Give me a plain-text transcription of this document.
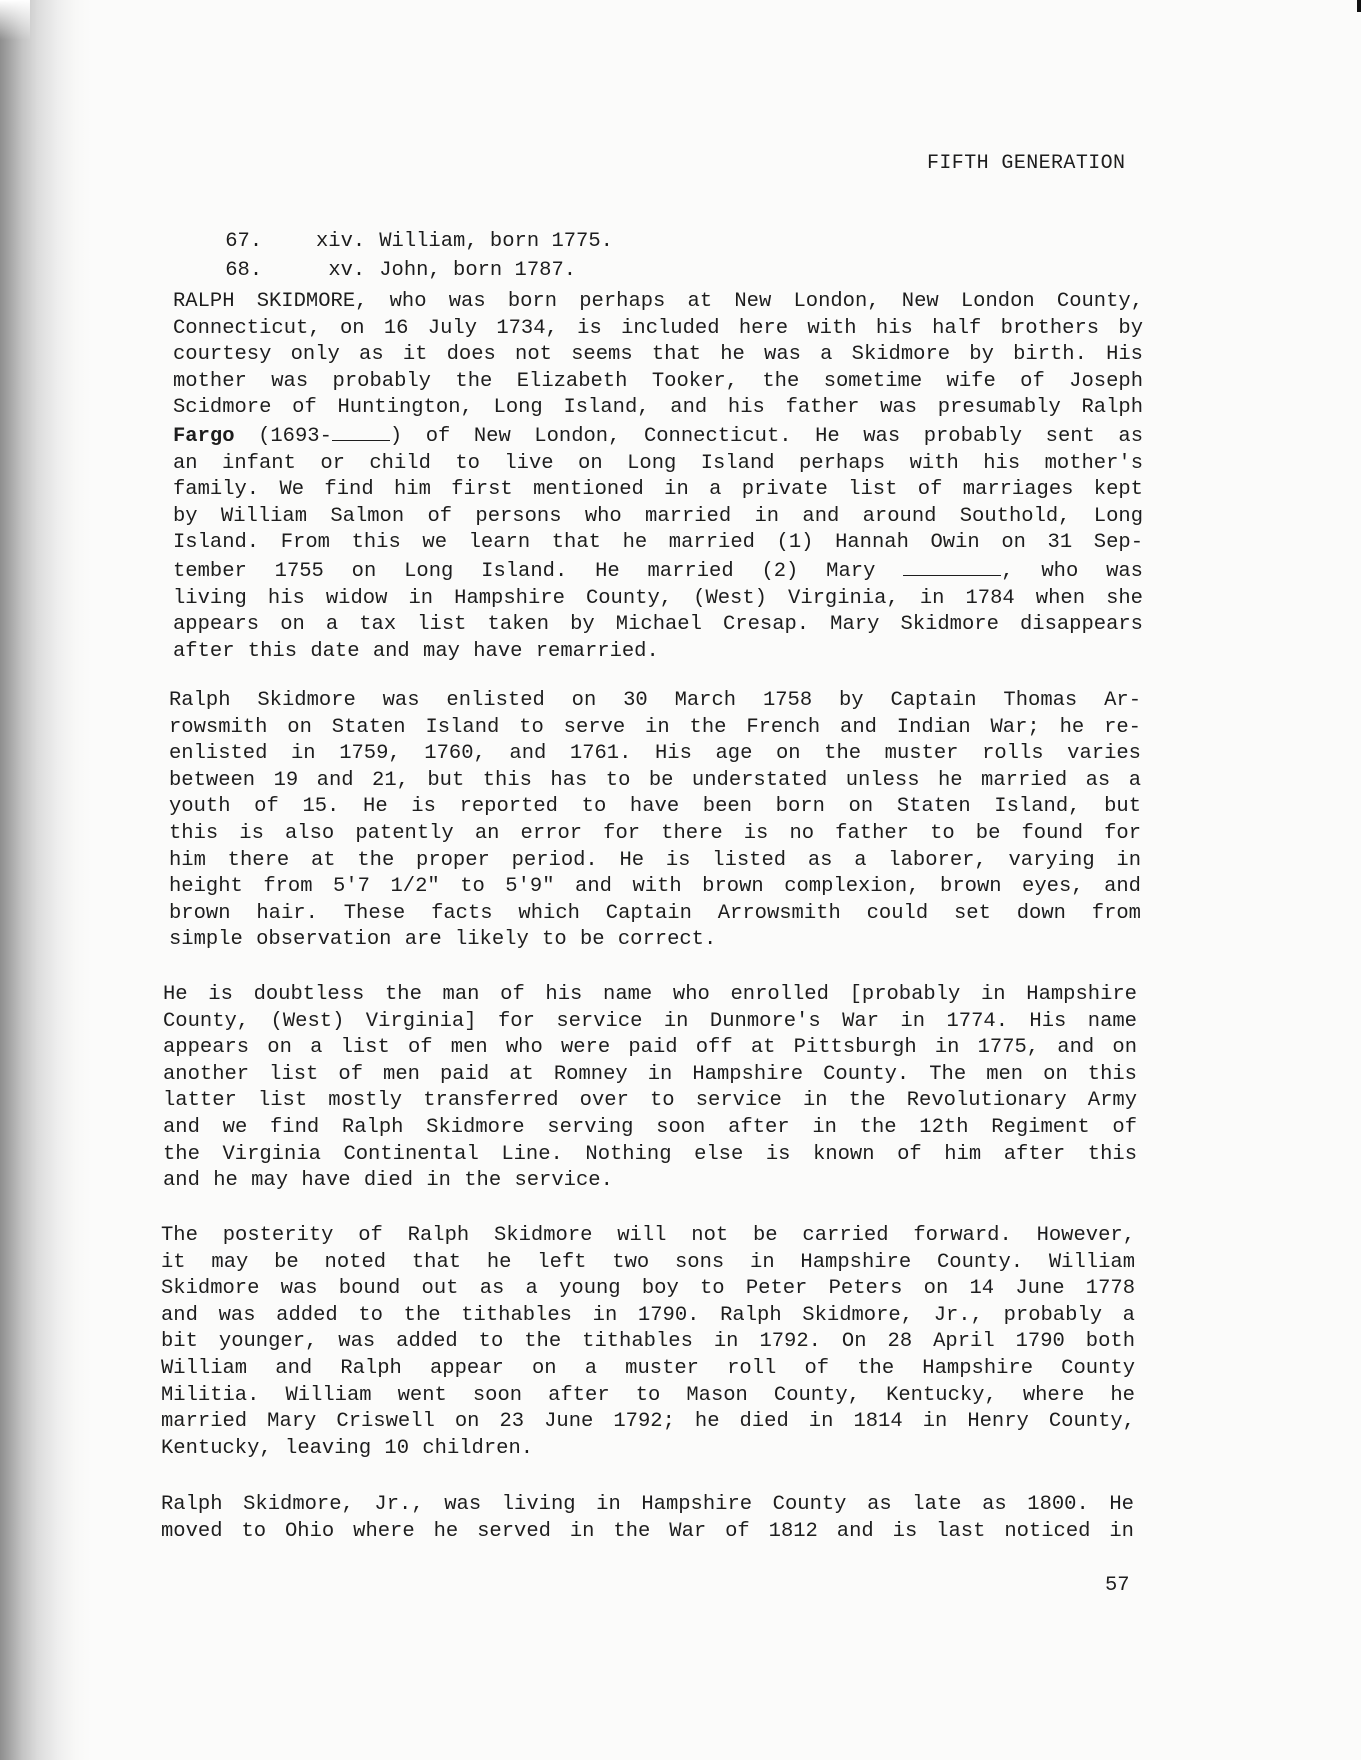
FIFTH GENERATION

67.	xiv. William, born 1775.

68.	xv. John, born 1787.

RALPH SKIDMORE, who was born perhaps at New London, New London County,
Connecticut, on 16 July 1734, is included here with his half brothers by
courtesy only as it does not seems that he was a Skidmore by birth. His
mother was probably the Elizabeth Tooker, the sometime wife of Joseph
Scidmore of Huntington, Long Island, and his father was presumably Ralph
Fargo (1693-	) of New London, Connecticut. He was probably sent as
an infant or child to live on Long Island perhaps with his mother's
family. We find him first mentioned in a private list of marriages kept
by William Salmon of persons who married in and around Southold, Long
Island. From this we learn that he married (1) Hannah Owin on 31 Sep-
tember 1755 on Long Island. He married (2) Mary	, who was
living his widow in Hampshire County, (West) Virginia, in 1784 when she
appears on a tax list taken by Michael Cresap. Mary Skidmore disappears
after this date and may have remarried.
Ralph Skidmore was enlisted on 30 March 1758 by Captain Thomas Ar-
rowsmith on Staten Island to serve in the French and Indian War; he re-
enlisted in 1759, 1760, and 1761. His age on the muster rolls varies
between 19 and 21, but this has to be understated unless he married as a
youth of 15. He is reported to have been born on Staten Island, but
this is also patently an error for there is no father to be found for
him there at the proper period. He is listed as a laborer, varying in
height from 5'7 1/2" to 5'9" and with brown complexion, brown eyes, and
brown hair. These facts which Captain Arrowsmith could set down from
simple observation are likely to be correct.
He is doubtless the man of his name who enrolled [probably in Hampshire
County, (West) Virginia] for service in Dunmore's War in 1774. His name
appears on a list of men who were paid off at Pittsburgh in 1775, and on
another list of men paid at Romney in Hampshire County. The men on this
latter list mostly transferred over to service in the Revolutionary Army
and we find Ralph Skidmore serving soon after in the 12th Regiment of
the Virginia Continental Line. Nothing else is known of him after this
and he may have died in the service.
The posterity of Ralph Skidmore will not be carried forward. However,
it may be noted that he left two sons in Hampshire County. William
Skidmore was bound out as a young boy to Peter Peters on 14 June 1778
and was added to the tithables in 1790. Ralph Skidmore, Jr., probably a
bit younger, was added to the tithables in 1792. On 28 April 1790 both
William and Ralph appear on a muster roll of the Hampshire County
Militia. William went soon after to Mason County, Kentucky, where he
married Mary Criswell on 23 June 1792; he died in 1814 in Henry County,
Kentucky, leaving 10 children.
Ralph Skidmore, Jr., was living in Hampshire County as late as 1800. He
moved to Ohio where he served in the War of 1812 and is last noticed in
57
